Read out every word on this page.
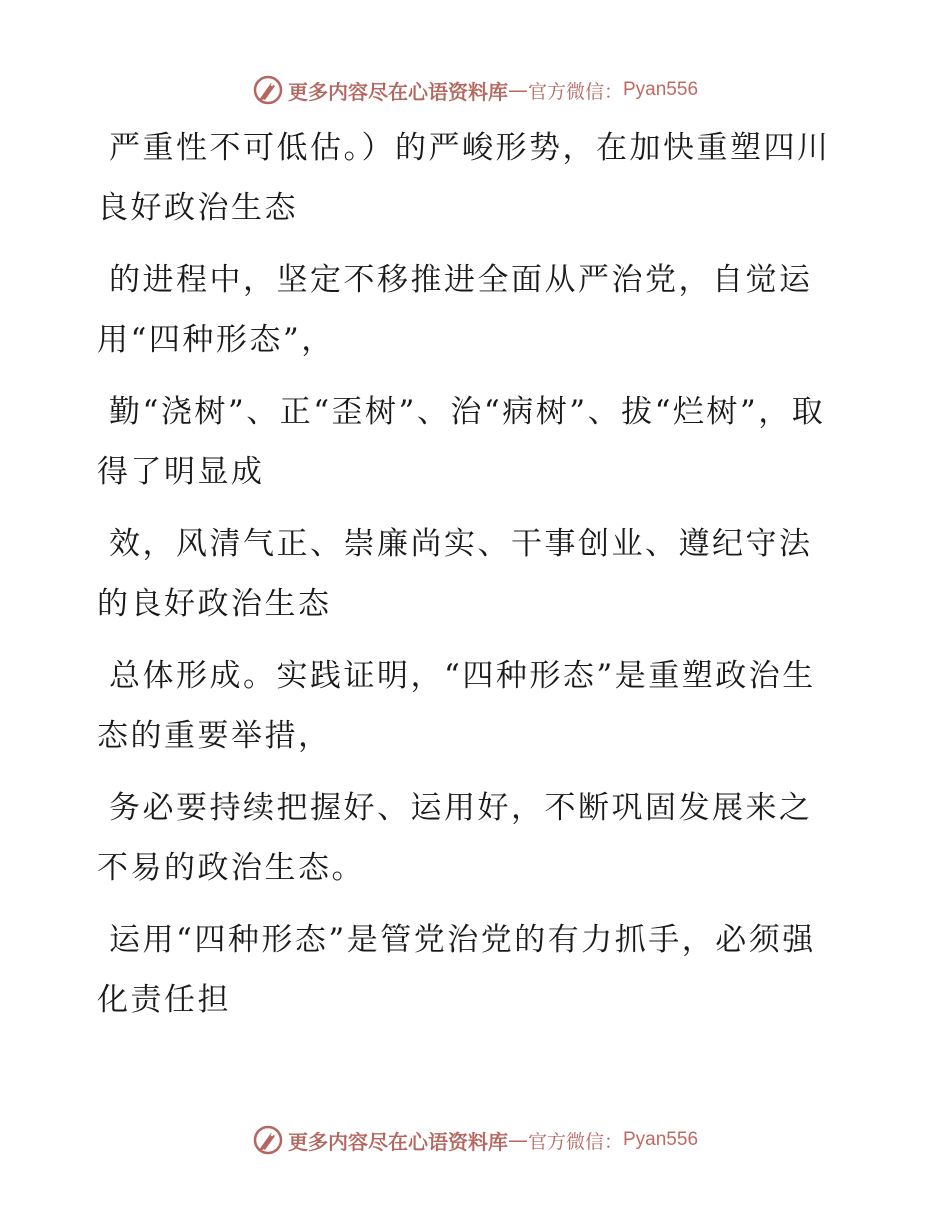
更多内容尽在心语资料库 — 官方微信： Pyan556

严重性不可低估。）的严峻形势，在加快重塑四川良好政治生态

的进程中，坚定不移推进全面从严治党，自觉运用“四种形态”，

勤“浇树”、正“歪树”、治“病树”、拔“烂树”，取得了明显成

效，风清气正、崇廉尚实、干事创业、遵纪守法的良好政治生态

总体形成。实践证明，“四种形态”是重塑政治生态的重要举措，

务必要持续把握好、运用好，不断巩固发展来之不易的政治生态。

运用“四种形态”是管党治党的有力抓手，必须强化责任担

更多内容尽在心语资料库 — 官方微信： Pyan556
